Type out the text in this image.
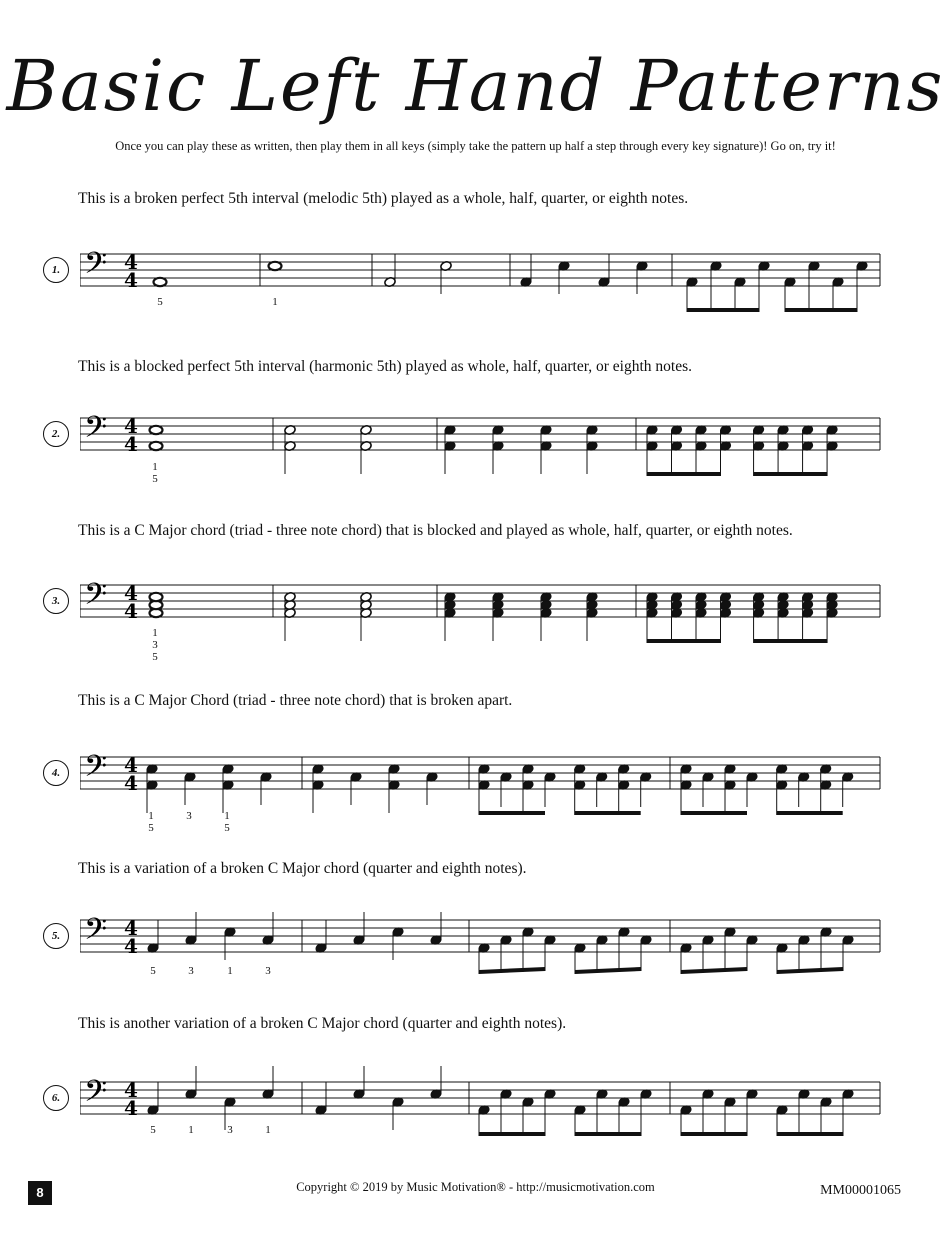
Basic Left Hand Patterns
Once you can play these as written, then play them in all keys (simply take the pattern up half a step through every key signature)! Go on, try it!
This is a broken perfect 5th interval (melodic 5th) played as a whole, half, quarter, or eighth notes.
1. 𝄢 4
4
5	1
This is a blocked perfect 5th interval (harmonic 5th) played as whole, half, quarter, or eighth notes.
2. 𝄢 4
4
1
5
This is a C Major chord (triad - three note chord) that is blocked and played as whole, half, quarter, or eighth notes.
3. 𝄢 4
4
1
3
5
This is a C Major Chord (triad - three note chord) that is broken apart.
4. 𝄢 4
4
1
5
3	1
5
This is a variation of a broken C Major chord (quarter and eighth notes).
5. 𝄢 4
4
5	3	1	3
This is another variation of a broken C Major chord (quarter and eighth notes).
6. 𝄢 4
4
5	1	3	1
8	Copyright © 2019 by Music Motivation® - http://musicmotivation.com	MM00001065
